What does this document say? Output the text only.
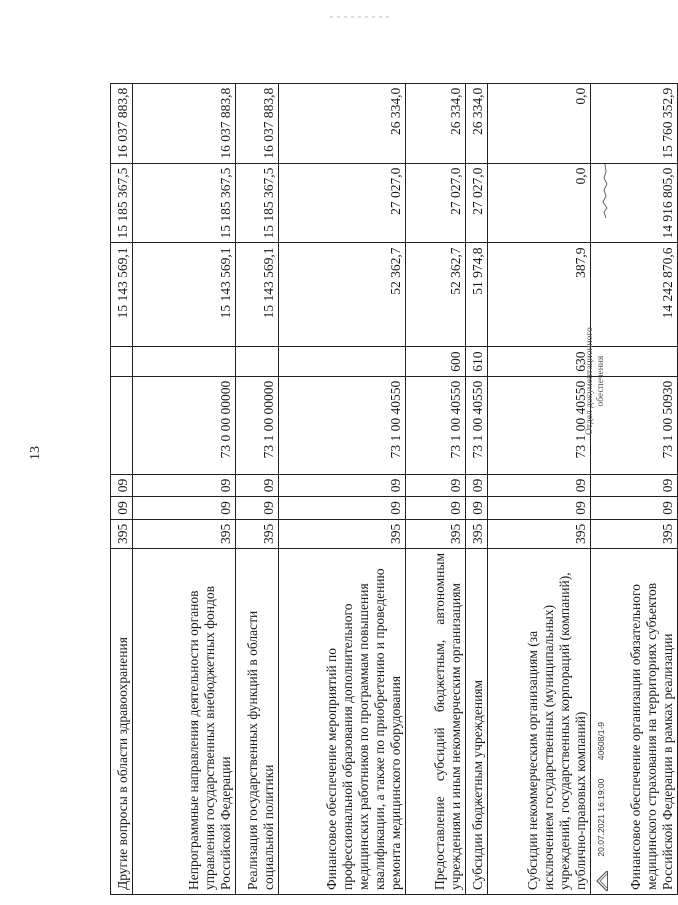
13
Другие вопросы в области здравоохранения	395	09	09			15 143 569,1	15 185 367,5	16 037 883,8
Непрограммные направления деятельности органов управления государственных внебюджетных фондов Российской Федерации	395	09	09	73 0 00 00000		15 143 569,1	15 185 367,5	16 037 883,8
Реализация государственных функций в области социальной политики	395	09	09	73 1 00 00000		15 143 569,1	15 185 367,5	16 037 883,8
Финансовое обеспечение мероприятий по профессиональной образования дополнительного медицинских работников по программам повышения квалификации, а также по приобретению и проведению ремонта медицинского оборудования	395	09	09	73 1 00 40550		52 362,7	27 027,0	26 334,0
Предоставление субсидий бюджетным, автономным учреждениям и иным некоммерческим организациям	395	09	09	73 1 00 40550	600	52 362,7	27 027,0	26 334,0
Субсидии бюджетным учреждениям	395	09	09	73 1 00 40550	610	51 974,8	27 027,0	26 334,0
Субсидии некоммерческим организациям (за исключением государственных (муниципальных) учреждений, государственных корпораций (компаний), публично-правовых компаний)	395	09	09	73 1 00 40550	630	387,9	0,0	0,0
Финансовое обеспечение организации обязательного медицинского страхования на территориях субъектов Российской Федерации в рамках реализации	395	09	09	73 1 00 50930		14 242 870,6	14 916 805,0	15 760 352,9
20.07.2021 16:19:00 40608/1-9
Отдел документационного обеспечения
